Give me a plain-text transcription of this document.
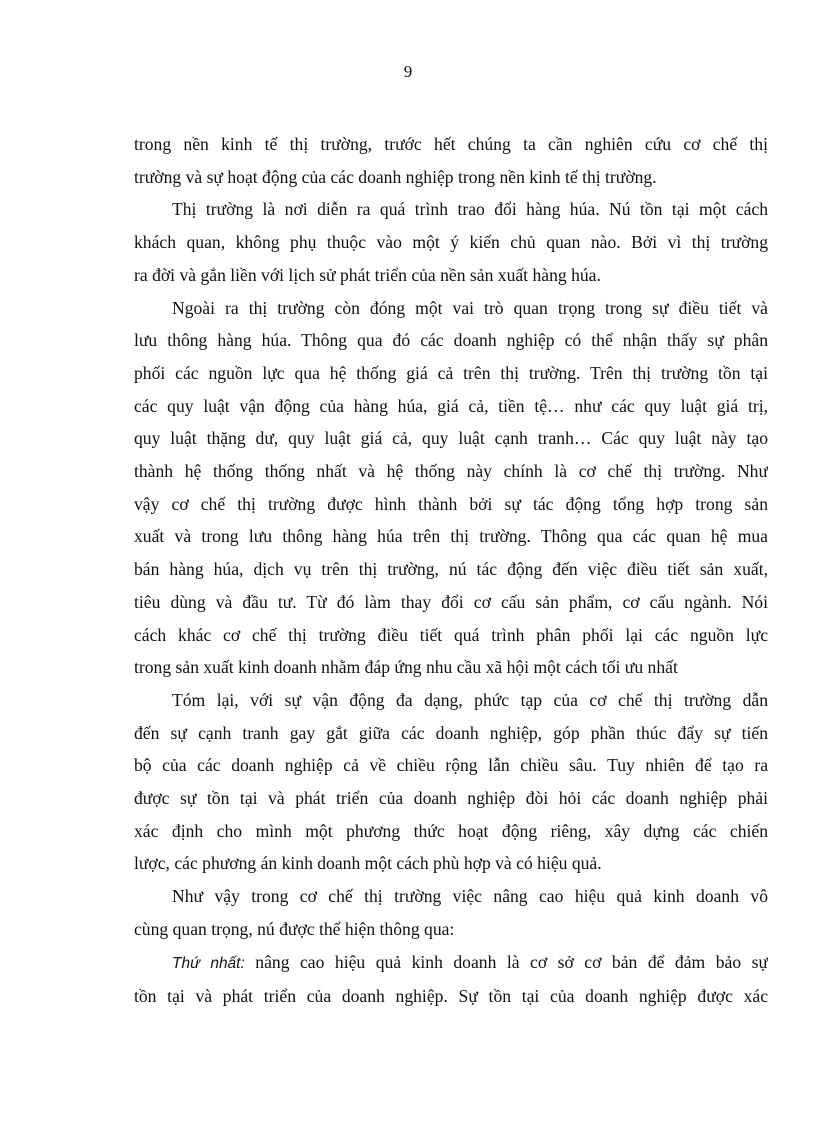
9
trong nền kinh tế thị trường, trước hết chúng ta cần nghiên cứu cơ chế thị
trường và sự hoạt động của các doanh nghiệp trong nền kinh tế thị trường.
Thị trường là nơi diễn ra quá trình trao đổi hàng húa. Nú tồn tại một cách
khách quan, không phụ thuộc vào một ý kiến chủ quan nào. Bởi vì thị trường
ra đời và gắn liền với lịch sử phát triển của nền sản xuất hàng húa.
Ngoài ra thị trường còn đóng một vai trò quan trọng trong sự điều tiết và
lưu thông hàng húa. Thông qua đó các doanh nghiệp có thể nhận thấy sự phân
phối các nguồn lực qua hệ thống giá cả trên thị trường. Trên thị trường tồn tại
các quy luật vận động của hàng húa, giá cả, tiền tệ… như các quy luật giá trị,
quy luật thặng dư, quy luật giá cả, quy luật cạnh tranh… Các quy luật này tạo
thành hệ thống thống nhất và hệ thống này chính là cơ chế thị trường. Như
vậy cơ chế thị trường được hình thành bởi sự tác động tổng hợp trong sản
xuất và trong lưu thông hàng húa trên thị trường. Thông qua các quan hệ mua
bán hàng húa, dịch vụ trên thị trường, nú tác động đến việc điều tiết sản xuất,
tiêu dùng và đầu tư. Từ đó làm thay đổi cơ cấu sản phẩm, cơ cấu ngành. Nói
cách khác cơ chế thị trường điều tiết quá trình phân phối lại các nguồn lực
trong sản xuất kinh doanh nhằm đáp ứng nhu cầu xã hội một cách tối ưu nhất
Tóm lại, với sự vận động đa dạng, phức tạp của cơ chế thị trường dẫn
đến sự cạnh tranh gay gắt giữa các doanh nghiệp, góp phần thúc đẩy sự tiến
bộ của các doanh nghiệp cả về chiều rộng lẫn chiều sâu. Tuy nhiên để tạo ra
được sự tồn tại và phát triển của doanh nghiệp đòi hỏi các doanh nghiệp phải
xác định cho mình một phương thức hoạt động riêng, xây dựng các chiến
lược, các phương án kinh doanh một cách phù hợp và có hiệu quả.
Như vậy trong cơ chế thị trường việc nâng cao hiệu quả kinh doanh vô
cùng quan trọng, nú được thể hiện thông qua:
Thứ nhất: nâng cao hiệu quả kinh doanh là cơ sở cơ bản để đảm bảo sự
tồn tại và phát triển của doanh nghiệp. Sự tồn tại của doanh nghiệp được xác
